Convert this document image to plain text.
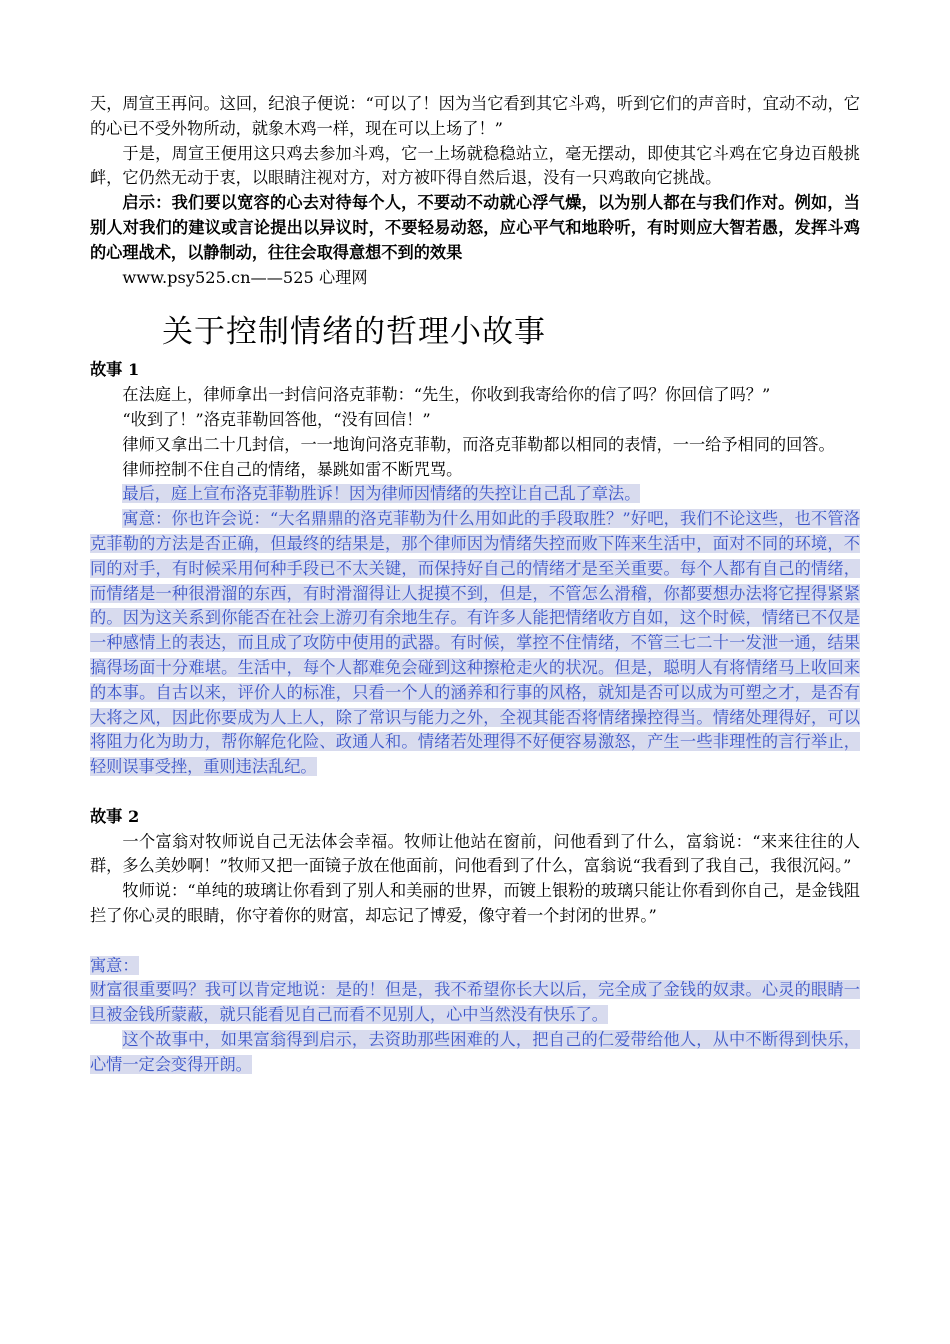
天，周宣王再问。这回，纪浪子便说：“可以了！因为当它看到其它斗鸡，听到它们的声音时，宜动不动，它的心已不受外物所动，就象木鸡一样，现在可以上场了！”

于是，周宣王便用这只鸡去参加斗鸡，它一上场就稳稳站立，毫无摆动，即使其它斗鸡在它身边百般挑衅，它仍然无动于衷，以眼睛注视对方，对方被吓得自然后退，没有一只鸡敢向它挑战。

启示：我们要以宽容的心去对待每个人，不要动不动就心浮气燥，以为别人都在与我们作对。例如，当别人对我们的建议或言论提出以异议时，不要轻易动怒，应心平气和地聆听，有时则应大智若愚，发挥斗鸡的心理战术，以静制动，往往会取得意想不到的效果

www.psy525.cn——525 心理网

关于控制情绪的哲理小故事

故事 1

在法庭上，律师拿出一封信问洛克菲勒：“先生，你收到我寄给你的信了吗？你回信了吗？”

“收到了！”洛克菲勒回答他，“没有回信！”

律师又拿出二十几封信，一一地询问洛克菲勒，而洛克菲勒都以相同的表情，一一给予相同的回答。

律师控制不住自己的情绪，暴跳如雷不断咒骂。

最后，庭上宣布洛克菲勒胜诉！因为律师因情绪的失控让自己乱了章法。

寓意：你也许会说：“大名鼎鼎的洛克菲勒为什么用如此的手段取胜？”好吧，我们不论这些，也不管洛克菲勒的方法是否正确，但最终的结果是，那个律师因为情绪失控而败下阵来生活中，面对不同的环境，不同的对手，有时候采用何种手段已不太关键，而保持好自己的情绪才是至关重要。每个人都有自己的情绪，而情绪是一种很滑溜的东西，有时滑溜得让人捉摸不到，但是，不管怎么滑稽，你都要想办法将它捏得紧紧的。因为这关系到你能否在社会上游刃有余地生存。有许多人能把情绪收方自如，这个时候，情绪已不仅是一种感情上的表达，而且成了攻防中使用的武器。有时候，掌控不住情绪，不管三七二十一发泄一通，结果搞得场面十分难堪。生活中，每个人都难免会碰到这种擦枪走火的状况。但是，聪明人有将情绪马上收回来的本事。自古以来，评价人的标准，只看一个人的涵养和行事的风格，就知是否可以成为可塑之才，是否有大将之风，因此你要成为人上人，除了常识与能力之外，全视其能否将情绪操控得当。情绪处理得好，可以将阻力化为助力，帮你解危化险、政通人和。情绪若处理得不好便容易激怒，产生一些非理性的言行举止，轻则误事受挫，重则违法乱纪。

故事 2

一个富翁对牧师说自己无法体会幸福。牧师让他站在窗前，问他看到了什么，富翁说：“来来往往的人群，多么美妙啊！”牧师又把一面镜子放在他面前，问他看到了什么，富翁说“我看到了我自己，我很沉闷。”

牧师说：“单纯的玻璃让你看到了别人和美丽的世界，而镀上银粉的玻璃只能让你看到你自己，是金钱阻拦了你心灵的眼睛，你守着你的财富，却忘记了博爱，像守着一个封闭的世界。”

寓意：

财富很重要吗？我可以肯定地说：是的！但是，我不希望你长大以后，完全成了金钱的奴隶。心灵的眼睛一旦被金钱所蒙蔽，就只能看见自己而看不见别人，心中当然没有快乐了。

这个故事中，如果富翁得到启示，去资助那些困难的人，把自己的仁爱带给他人，从中不断得到快乐，心情一定会变得开朗。
